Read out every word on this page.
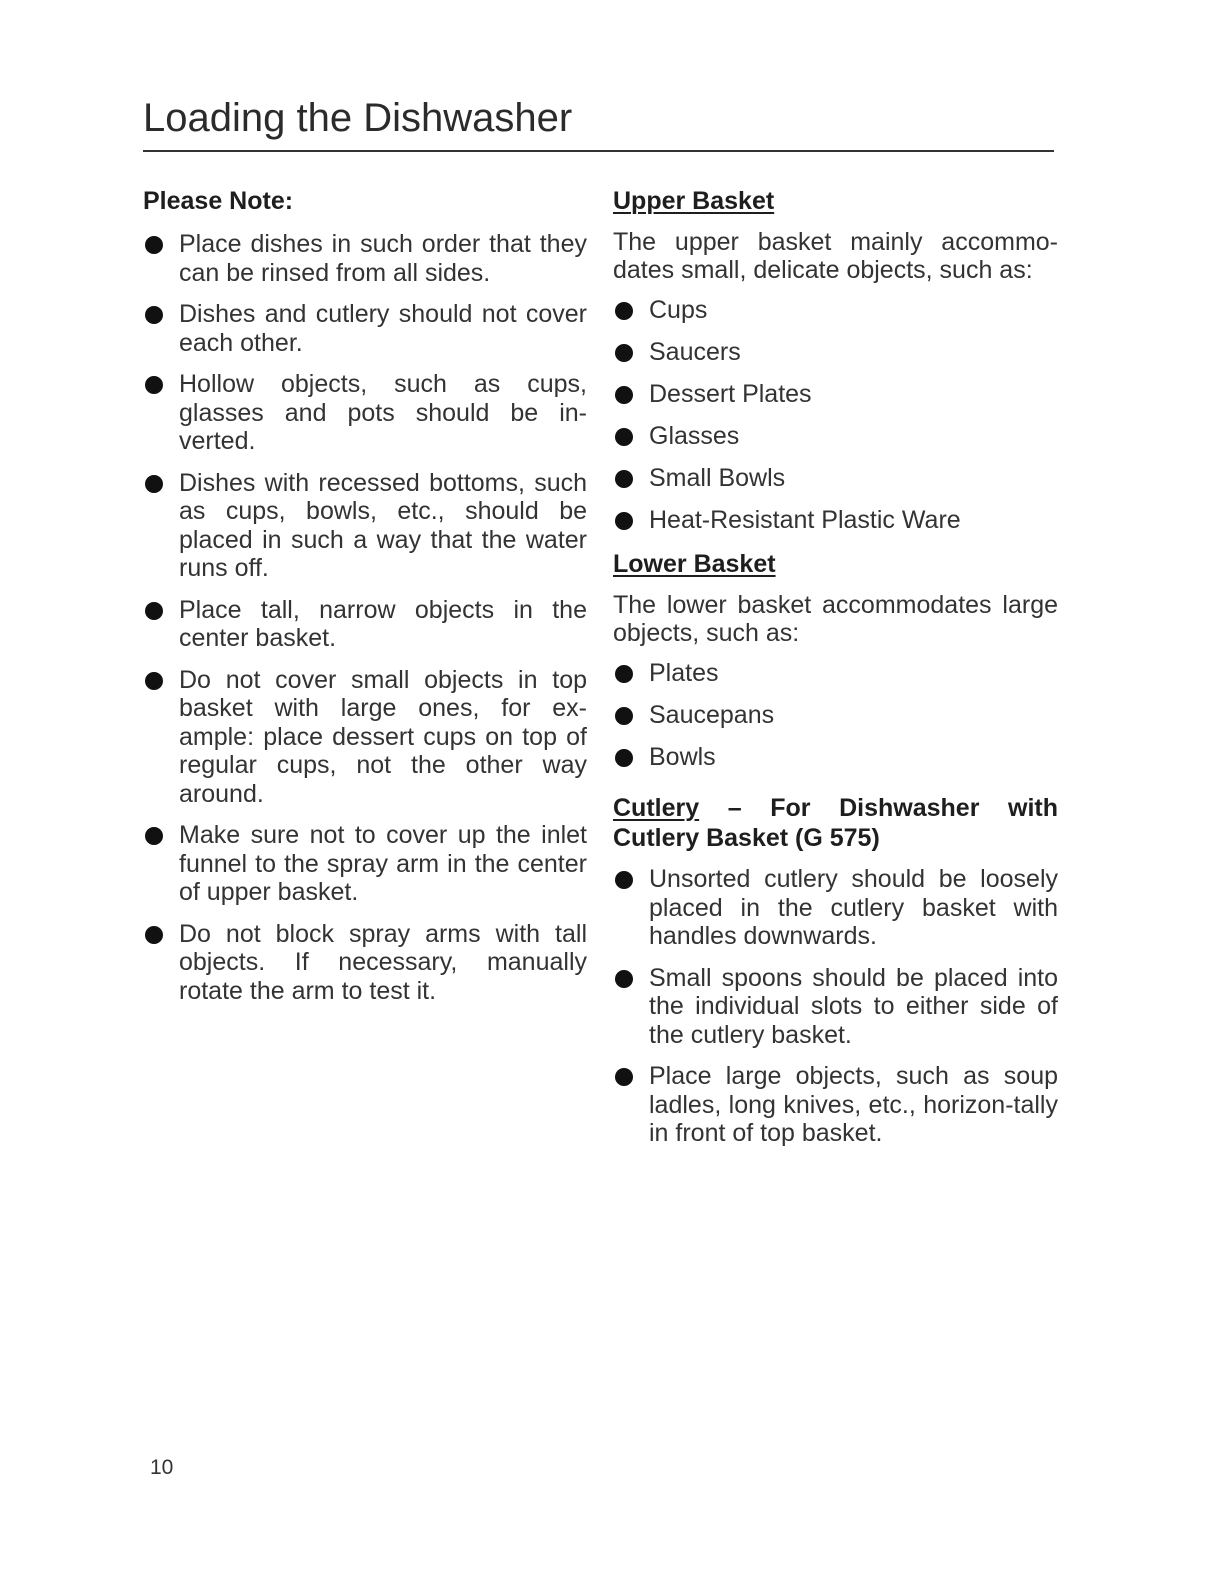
Loading the Dishwasher
Please Note:
Place dishes in such order that they can be rinsed from all sides.
Dishes and cutlery should not cover each other.
Hollow objects, such as cups, glasses and pots should be in-verted.
Dishes with recessed bottoms, such as cups, bowls, etc., should be placed in such a way that the water runs off.
Place tall, narrow objects in the center basket.
Do not cover small objects in top basket with large ones, for ex-ample: place dessert cups on top of regular cups, not the other way around.
Make sure not to cover up the inlet funnel to the spray arm in the center of upper basket.
Do not block spray arms with tall objects. If necessary, manually rotate the arm to test it.
Upper Basket

The upper basket mainly accommo-dates small, delicate objects, such as:

Cups
Saucers
Dessert Plates
Glasses
Small Bowls
Heat-Resistant Plastic Ware
Lower Basket

The lower basket accommodates large objects, such as:

Plates
Saucepans
Bowls
Cutlery – For Dishwasher with Cutlery Basket (G 575)
Unsorted cutlery should be loosely placed in the cutlery basket with handles downwards.
Small spoons should be placed into the individual slots to either side of the cutlery basket.
Place large objects, such as soup ladles, long knives, etc., horizon-tally in front of top basket.
10
